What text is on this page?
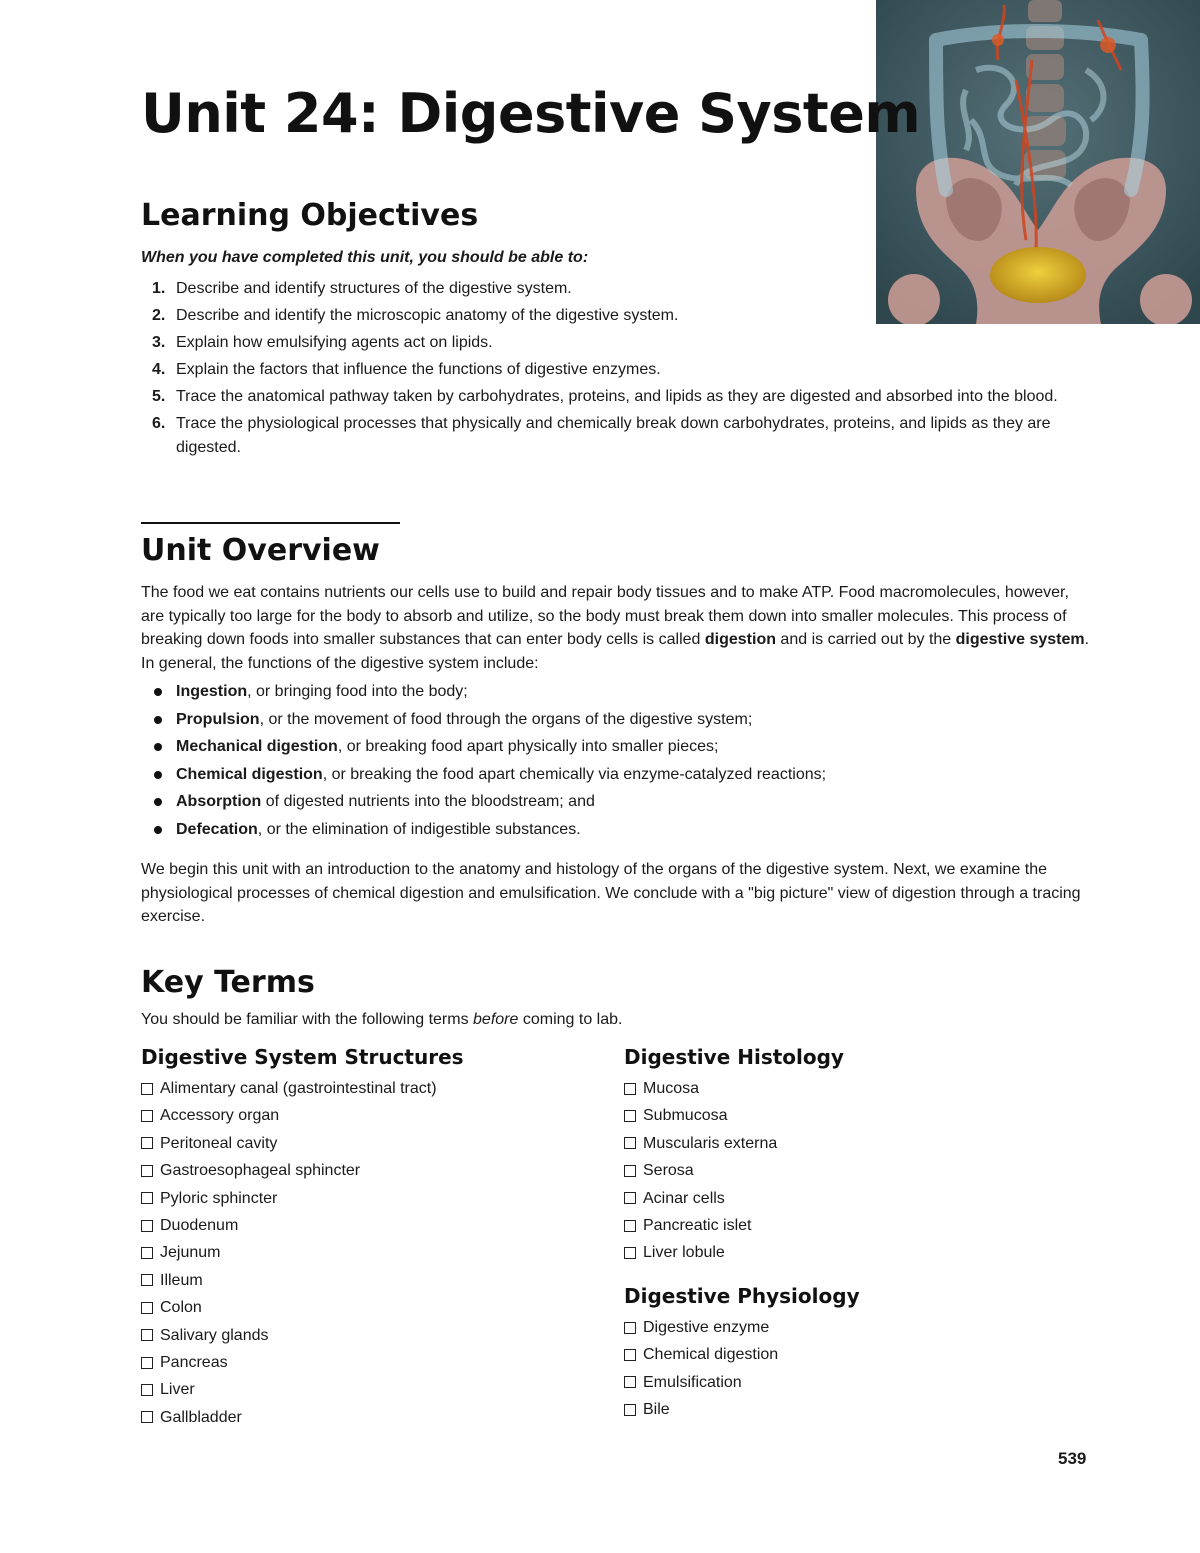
Unit 24: Digestive System
Learning Objectives

When you have completed this unit, you should be able to:

1. Describe and identify structures of the digestive system.
2. Describe and identify the microscopic anatomy of the digestive system.
3. Explain how emulsifying agents act on lipids.
4. Explain the factors that influence the functions of digestive enzymes.
5. Trace the anatomical pathway taken by carbohydrates, proteins, and lipids as they are digested and absorbed into the blood.
6. Trace the physiological processes that physically and chemically break down carbohydrates, proteins, and lipids as they are digested.
Unit Overview

The food we eat contains nutrients our cells use to build and repair body tissues and to make ATP. Food macromolecules, however, are typically too large for the body to absorb and utilize, so the body must break them down into smaller molecules. This process of breaking down foods into smaller substances that can enter body cells is called digestion and is carried out by the digestive system. In general, the functions of the digestive system include:

Ingestion, or bringing food into the body;
Propulsion, or the movement of food through the organs of the digestive system;
Mechanical digestion, or breaking food apart physically into smaller pieces;
Chemical digestion, or breaking the food apart chemically via enzyme-catalyzed reactions;
Absorption of digested nutrients into the bloodstream; and
Defecation, or the elimination of indigestible substances.

We begin this unit with an introduction to the anatomy and histology of the organs of the digestive system. Next, we examine the physiological processes of chemical digestion and emulsification. We conclude with a "big picture" view of digestion through a tracing exercise.

Key Terms

You should be familiar with the following terms before coming to lab.

Digestive System Structures
Alimentary canal (gastrointestinal tract)
Accessory organ
Peritoneal cavity
Gastroesophageal sphincter
Pyloric sphincter
Duodenum
Jejunum
Illeum
Colon
Salivary glands
Pancreas
Liver
Gallbladder
Digestive Histology
Mucosa
Submucosa
Muscularis externa
Serosa
Acinar cells
Pancreatic islet
Liver lobule
Digestive Physiology
Digestive enzyme
Chemical digestion
Emulsification
Bile

539
